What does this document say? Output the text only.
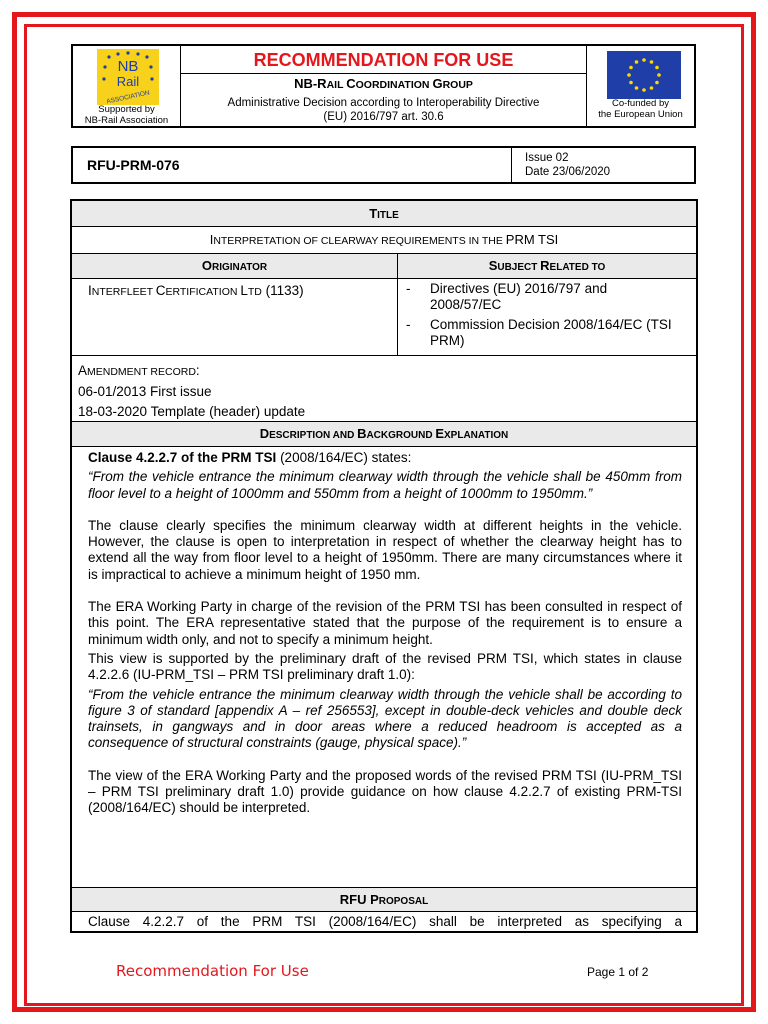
NB
Rail
ASSOCIATION
Supported by
NB-Rail Association
RECOMMENDATION FOR USE
NB-RAIL COORDINATION GROUP
Administrative Decision according to Interoperability Directive
(EU) 2016/797 art. 30.6
Co-funded by
the European Union
RFU-PRM-076	Issue 02
Date 23/06/2020
TITLE
INTERPRETATION OF CLEARWAY REQUIREMENTS IN THE PRM TSI
ORIGINATOR	SUBJECT RELATED TO
INTERFLEET CERTIFICATION LTD (1133)	- Directives (EU) 2016/797 and 2008/57/EC
- Commission Decision 2008/164/EC (TSI PRM)
AMENDMENT RECORD:
06-01/2013 First issue
18-03-2020 Template (header) update
DESCRIPTION AND BACKGROUND EXPLANATION

Clause 4.2.2.7 of the PRM TSI (2008/164/EC) states:

“From the vehicle entrance the minimum clearway width through the vehicle shall be 450mm from floor level to a height of 1000mm and 550mm from a height of 1000mm to 1950mm.”

The clause clearly specifies the minimum clearway width at different heights in the vehicle. However, the clause is open to interpretation in respect of whether the clearway height has to extend all the way from floor level to a height of 1950mm. There are many circumstances where it is impractical to achieve a minimum height of 1950 mm.

The ERA Working Party in charge of the revision of the PRM TSI has been consulted in respect of this point. The ERA representative stated that the purpose of the requirement is to ensure a minimum width only, and not to specify a minimum height.

This view is supported by the preliminary draft of the revised PRM TSI, which states in clause 4.2.2.6 (IU-PRM_TSI – PRM TSI preliminary draft 1.0):

“From the vehicle entrance the minimum clearway width through the vehicle shall be according to figure 3 of standard [appendix A – ref 256553], except in double-deck vehicles and double deck trainsets, in gangways and in door areas where a reduced headroom is accepted as a consequence of structural constraints (gauge, physical space).”

The view of the ERA Working Party and the proposed words of the revised PRM TSI (IU-PRM_TSI – PRM TSI preliminary draft 1.0) provide guidance on how clause 4.2.2.7 of existing PRM-TSI (2008/164/EC) should be interpreted.

RFU PROPOSAL
Clause 4.2.2.7 of the PRM TSI (2008/164/EC) shall be interpreted as specifying a
Recommendation For Use	Page 1 of 2
